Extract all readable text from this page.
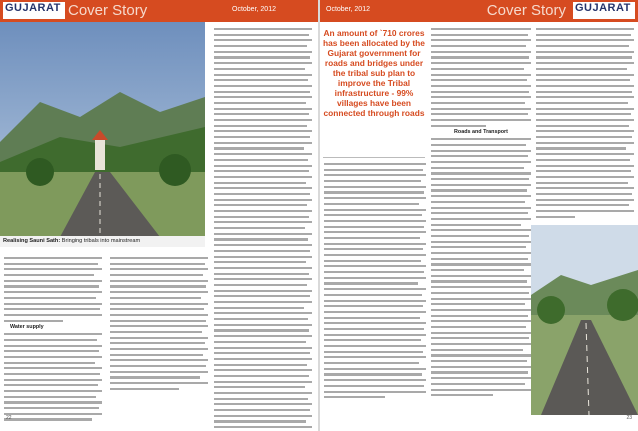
GUJARAT Cover Story	October, 2012
Realising Sauni Sath: Bringing tribals into mainstream
Water supply
22
October, 2012	Cover Story GUJARAT
An amount of `710 crores has been allocated by the Gujarat government for roads and bridges under the tribal sub plan to improve the Tribal infrastructure - 99% villages have been connected through roads
Roads and Transport
23
